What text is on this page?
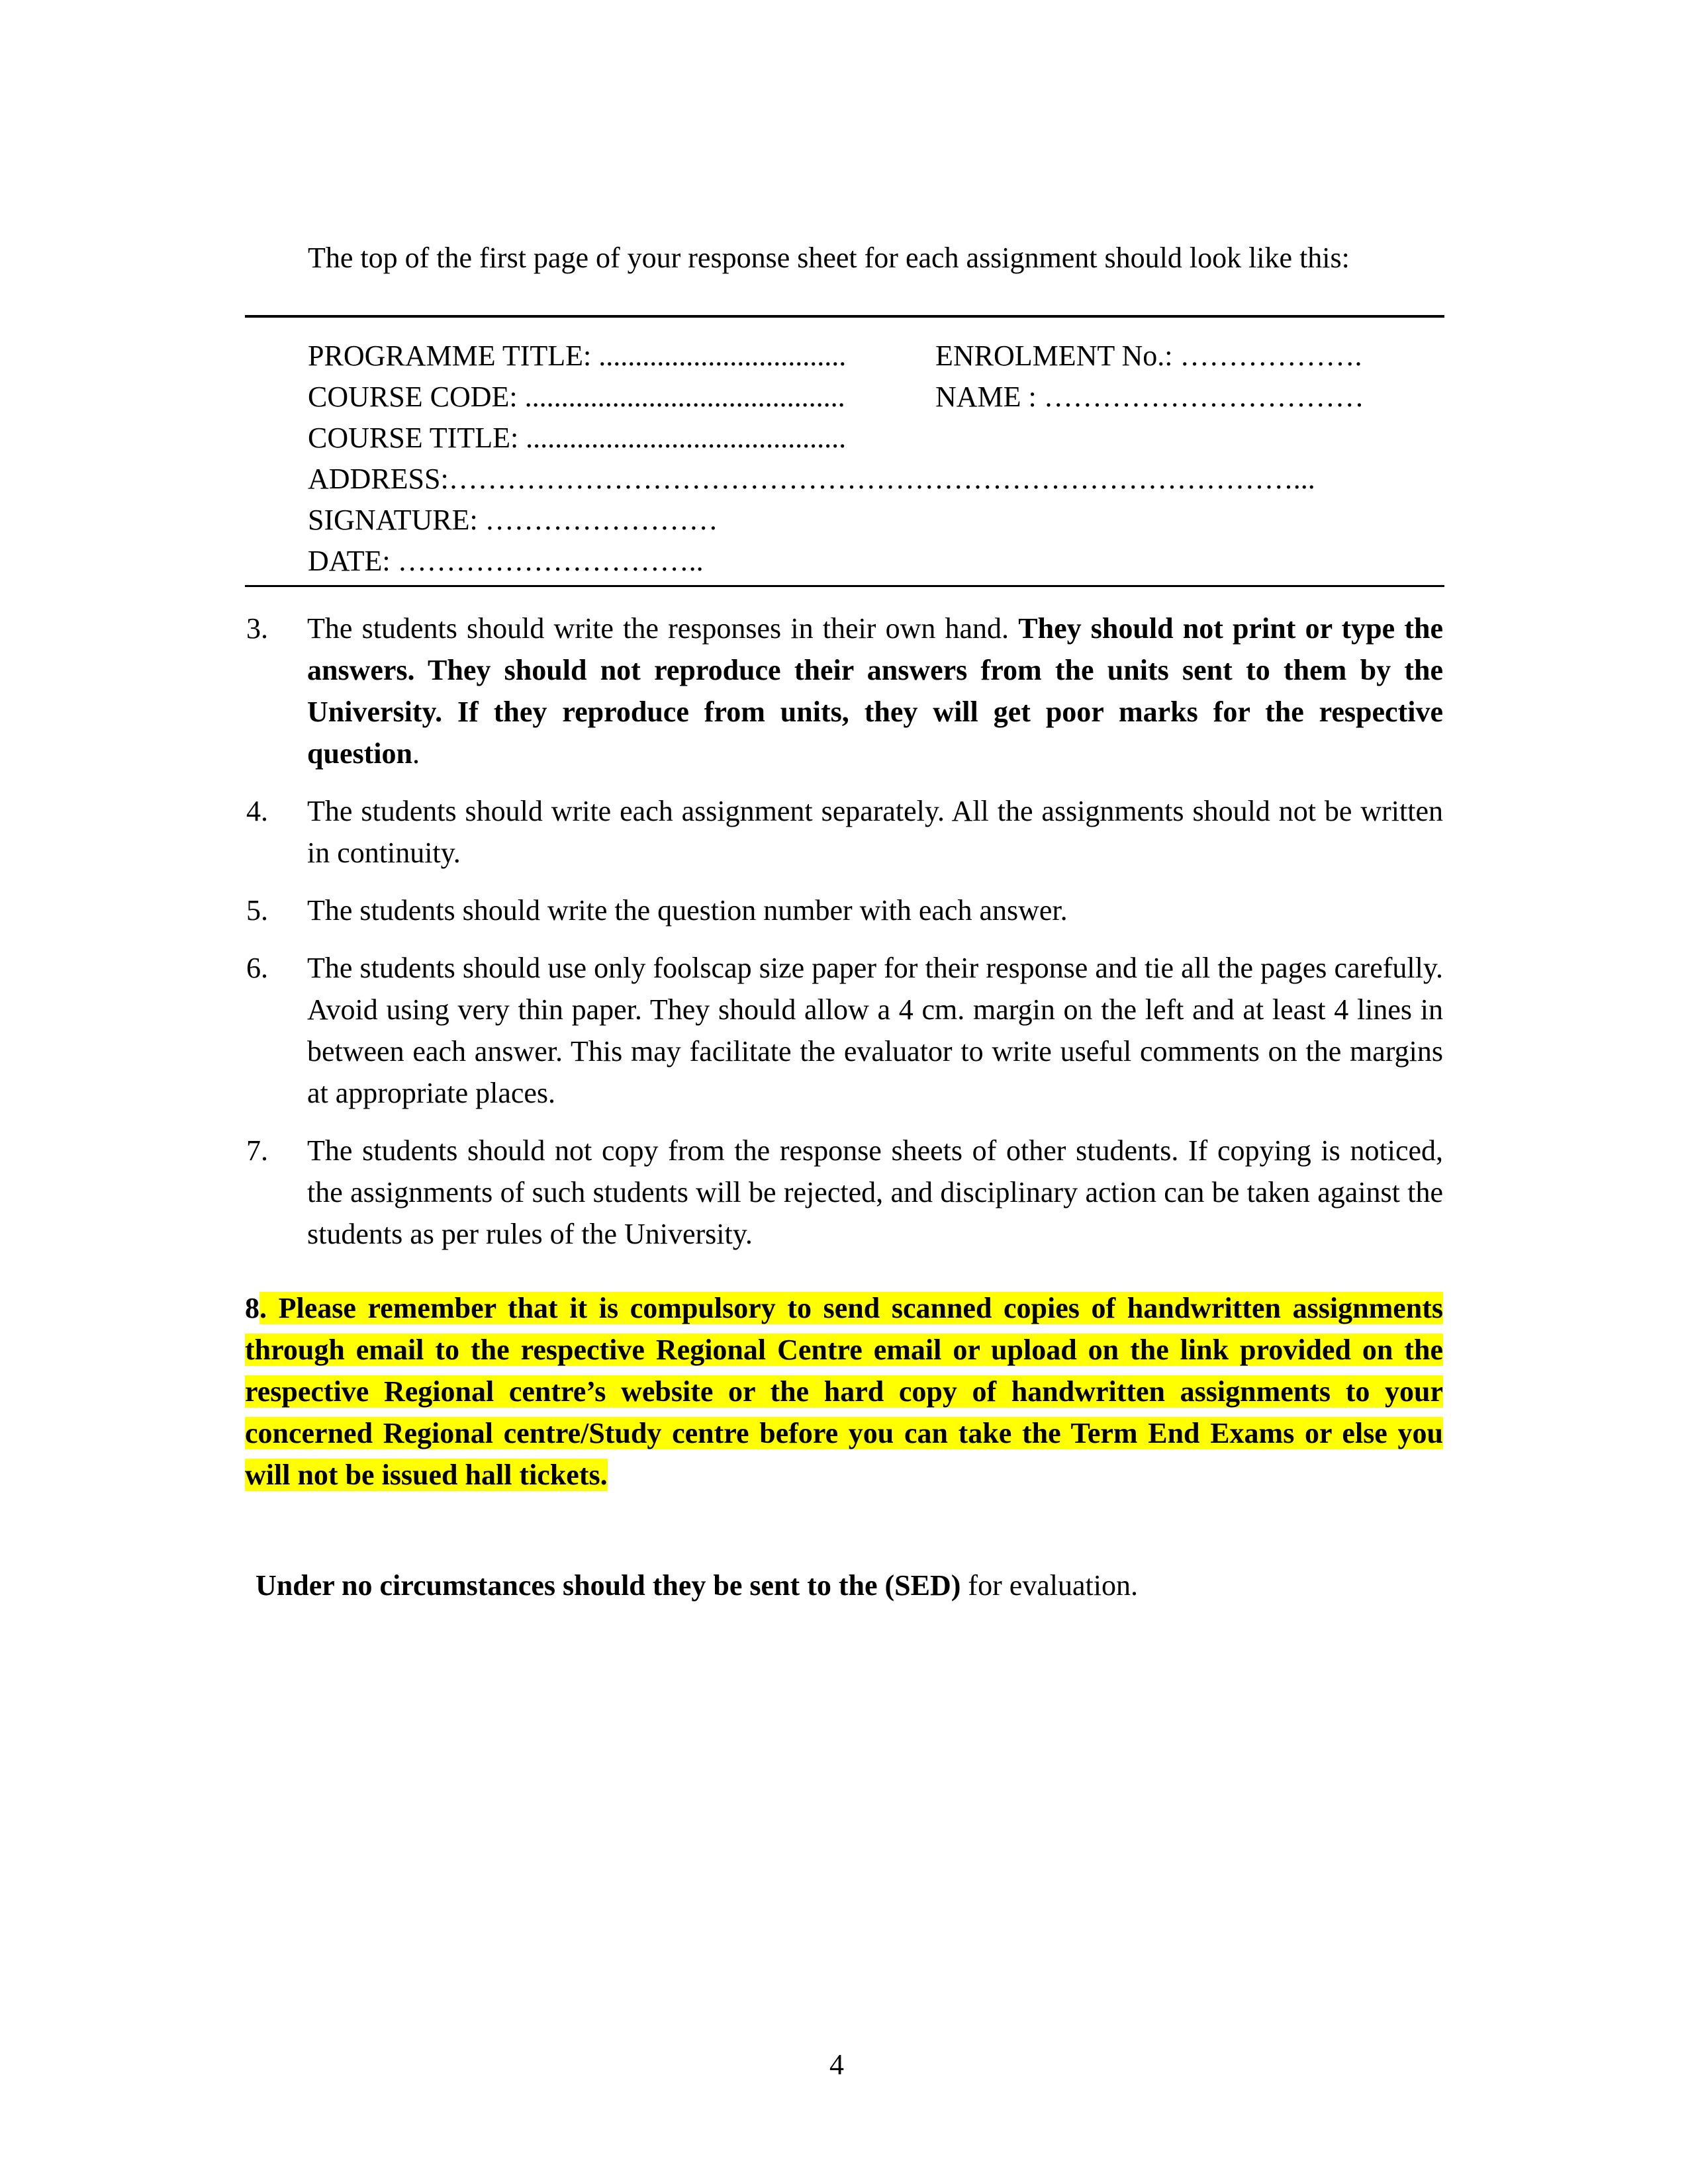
The top of the first page of your response sheet for each assignment should look like this:
PROGRAMME TITLE: ..................................	ENROLMENT No.: ……………….
COURSE CODE: ............................................	NAME : ……………………………
COURSE TITLE: ............................................
ADDRESS:……………………………………………………………………………...
SIGNATURE: ……………………
DATE: …………………………..
3.	The students should write the responses in their own hand. They should not print or type the answers. They should not reproduce their answers from the units sent to them by the University. If they reproduce from units, they will get poor marks for the respective question.
4.	The students should write each assignment separately. All the assignments should not be written in continuity.
5.	The students should write the question number with each answer.
6.	The students should use only foolscap size paper for their response and tie all the pages carefully. Avoid using very thin paper. They should allow a 4 cm. margin on the left and at least 4 lines in between each answer. This may facilitate the evaluator to write useful comments on the margins at appropriate places.
7.	The students should not copy from the response sheets of other students. If copying is noticed, the assignments of such students will be rejected, and disciplinary action can be taken against the students as per rules of the University.
8. Please remember that it is compulsory to send scanned copies of handwritten assignments through email to the respective Regional Centre email or upload on the link provided on the respective Regional centre’s website or the hard copy of handwritten assignments to your concerned Regional centre/Study centre before you can take the Term End Exams or else you will not be issued hall tickets.
Under no circumstances should they be sent to the (SED) for evaluation.
4
